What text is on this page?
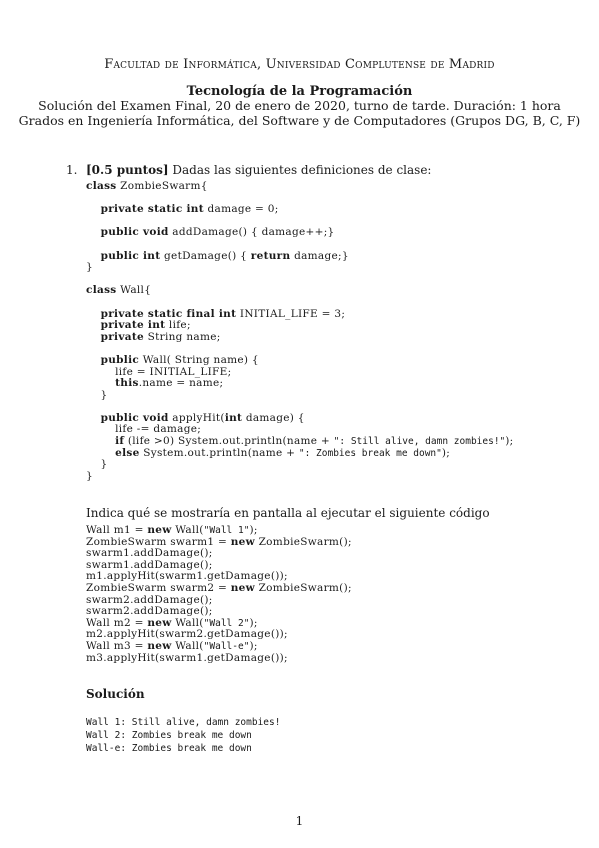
Facultad de Informática, Universidad Complutense de Madrid
Tecnología de la Programación
Solución del Examen Final, 20 de enero de 2020, turno de tarde. Duración: 1 hora
Grados en Ingeniería Informática, del Software y de Computadores (Grupos DG, B, C, F)
1. [0.5 puntos] Dadas las siguientes definiciones de clase:
class ZombieSwarm{

private static int damage = 0;

public void addDamage() { damage++;}

public int getDamage() { return damage;}
}

class Wall{

private static final int INITIAL_LIFE = 3;
private int life;
private String name;

public Wall( String name) {
life = INITIAL_LIFE;
this.name = name;
}

public void applyHit(int damage) {
life -= damage;
if (life >0) System.out.println(name + ": Still alive, damn zombies!");
else System.out.println(name + ": Zombies break me down");
}
}
Indica qué se mostraría en pantalla al ejecutar el siguiente código
Wall m1 = new Wall("Wall 1");
ZombieSwarm swarm1 = new ZombieSwarm();
swarm1.addDamage();
swarm1.addDamage();
m1.applyHit(swarm1.getDamage());
ZombieSwarm swarm2 = new ZombieSwarm();
swarm2.addDamage();
swarm2.addDamage();
Wall m2 = new Wall("Wall 2");
m2.applyHit(swarm2.getDamage());
Wall m3 = new Wall("Wall-e");
m3.applyHit(swarm1.getDamage());
Solución
Wall 1: Still alive, damn zombies!
Wall 2: Zombies break me down
Wall-e: Zombies break me down
1
